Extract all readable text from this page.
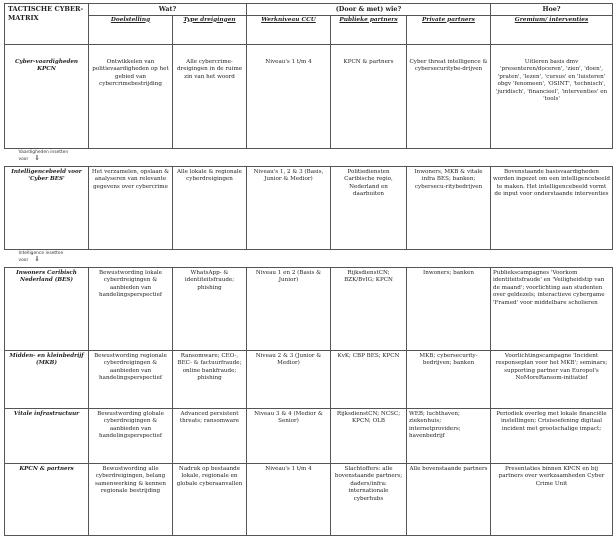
TACTISCHE CYBER- MATRIX	Wat?		(Door & met) wie?			Hoe?
	Doelstelling	Type dreigingen	Werkniveau CCU	Publieke partners	Private partners	Gremium/ interventies
Cyber-vaardigheden KPCN	Ontwikkelen van politievaardigheden op het gebied van cybercrimebestrijding	Alle cybercrime-dreigingen in de ruime zin van het woord	Niveau's 1 t/m 4	KPCN & partners	Cyber threat intelligence & cybersecuritybe-drijven	Uitleren basis dmv 'presenteren/doceren', 'zien', 'doen', 'praten', 'lezen', 'cursus' en 'luisteren' obgv 'fenomeen', 'OSINT', 'technisch', 'juridisch', 'financieel', 'interventies' en 'tools'

Vaardigheden insetten
voor ⇓						

Intelligencebeeld voor 'Cyber BES'	Het verzamelen, opslaan & analyseren van relevante gegevens over cybercrime	Alle lokale & regionale cyberdreigingen	Niveau's 1, 2 & 3 (Basis, Junior & Medior)	Politiediensten Caribische regio, Nederland en daarbuiten	Inwoners, MKB & vitale infra BES; banken; cybersecu-ritybedrijven	Bovenstaande basisvaardigheden worden ingezet om een intelligencebeeld te maken. Het intelligencebeeld vormt de input voor onderstaande interventies

Intelligence insetten
voor ⇓						

Inwoners Caribisch Nederland (BES)	Bewustwording lokale cyberdreigingen & aanbieden van handelingsperspectief	WhatsApp- & identiteitsfraude; phishing	Niveau 1 en 2 (Basis & Junior)	RijksdienstCN; BZK/BvIG; KPCN	Inwoners; banken	Publiekscampagnes 'Voorkom identiteitsfraude' en 'Veiligheidstip van de maand'; voorlichting aan studenten over geldezels; interactieve cybergame 'Framed' voor middelbare scholieren
Midden- en kleinbedrijf (MKB)	Bewustwording regionale cyberdreigingen & aanbieden van handelingsperspectief	Ransomware; CEO-, BEC- & factuurfraude; online bankfraude; phishing	Niveau 2 & 3 (Junior & Medior)	KvK; CBP BES; KPCN	MKB; cybersecurity-bedrijven; banken	Voorlichtingscampagne 'Incident responseplan voor het MKB'; seminars; supporting partner van Europol's NoMoreRansom-initiatief
Vitale infrastructuur	Bewustwording globale cyberdreigingen & aanbieden van handelingsperspectief	Advanced persistent threats; ransomware	Niveau 3 & 4 (Medior & Senior)	RijksdienstCN; NCSC; KPCN; OLB	WEB; luchthaven; ziekenhuis; internetproviders; havenbedrijf	Periodiek overleg met lokale financiële instellingen; Crisisoefening digitaal incident met grootschalige impact;
KPCN & partners	Bewustwording alle cyberdreigingen, belang samenwerking & kennen regionale bestrijding	Nadruk op bestaande lokale, regionale en globale cyberaanvallen	Niveau's 1 t/m 4	Slachtoffers: alle bovenstaande partners; daders/infra: internationale cyberhubs	Alle bovenstaande partners	Presentaties binnen KPCN en bij partners over werkzaamheden Cyber Crime Unit
